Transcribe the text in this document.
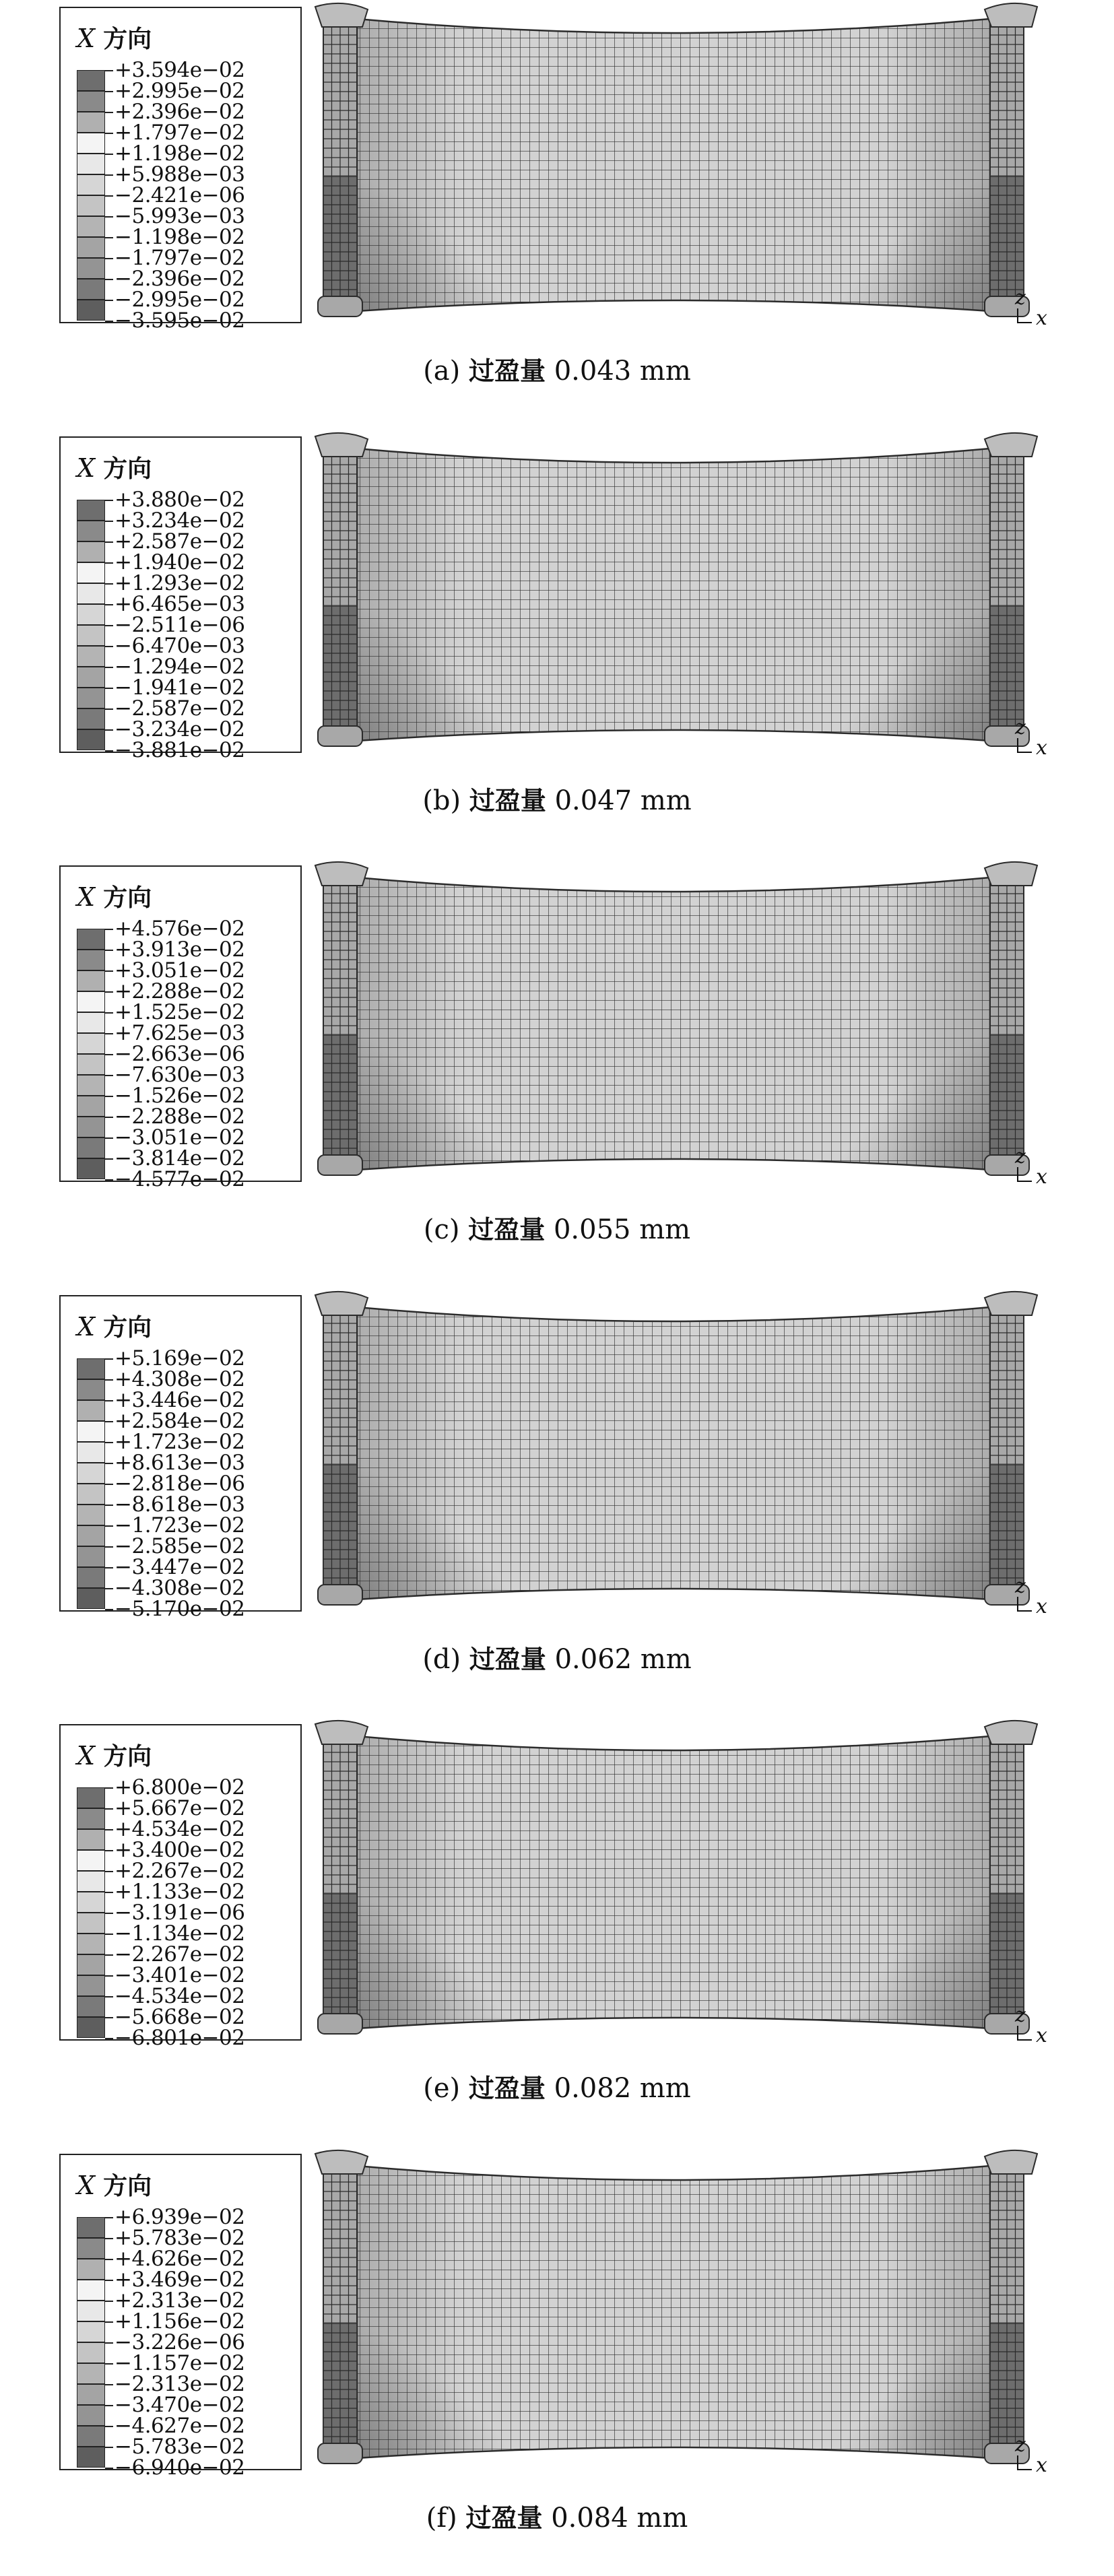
X 方向
+3.594e−02
+2.995e−02
+2.396e−02
+1.797e−02
+1.198e−02
+5.988e−03
−2.421e−06
−5.993e−03
−1.198e−02
−1.797e−02
−2.396e−02
−2.995e−02
−3.595e−02
z
x
(a) 过盈量 0.043 mm
X 方向
+3.880e−02
+3.234e−02
+2.587e−02
+1.940e−02
+1.293e−02
+6.465e−03
−2.511e−06
−6.470e−03
−1.294e−02
−1.941e−02
−2.587e−02
−3.234e−02
−3.881e−02
z
x
(b) 过盈量 0.047 mm
X 方向
+4.576e−02
+3.913e−02
+3.051e−02
+2.288e−02
+1.525e−02
+7.625e−03
−2.663e−06
−7.630e−03
−1.526e−02
−2.288e−02
−3.051e−02
−3.814e−02
−4.577e−02
z
x
(c) 过盈量 0.055 mm
X 方向
+5.169e−02
+4.308e−02
+3.446e−02
+2.584e−02
+1.723e−02
+8.613e−03
−2.818e−06
−8.618e−03
−1.723e−02
−2.585e−02
−3.447e−02
−4.308e−02
−5.170e−02
z
x
(d) 过盈量 0.062 mm
X 方向
+6.800e−02
+5.667e−02
+4.534e−02
+3.400e−02
+2.267e−02
+1.133e−02
−3.191e−06
−1.134e−02
−2.267e−02
−3.401e−02
−4.534e−02
−5.668e−02
−6.801e−02
z
x
(e) 过盈量 0.082 mm
X 方向
+6.939e−02
+5.783e−02
+4.626e−02
+3.469e−02
+2.313e−02
+1.156e−02
−3.226e−06
−1.157e−02
−2.313e−02
−3.470e−02
−4.627e−02
−5.783e−02
−6.940e−02
z
x
(f) 过盈量 0.084 mm
